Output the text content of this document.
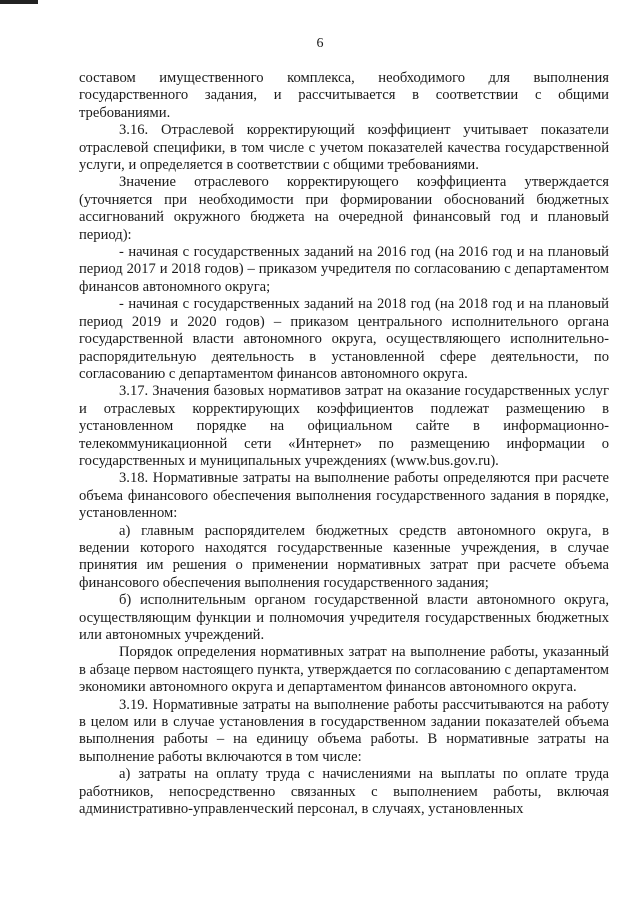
6

составом имущественного комплекса, необходимого для выполнения государственного задания, и рассчитывается в соответствии с общими требованиями.

3.16. Отраслевой корректирующий коэффициент учитывает показатели отраслевой специфики, в том числе с учетом показателей качества государственной услуги, и определяется в соответствии с общими требованиями.

Значение отраслевого корректирующего коэффициента утверждается (уточняется при необходимости при формировании обоснований бюджетных ассигнований окружного бюджета на очередной финансовый год и плановый период):

- начиная с государственных заданий на 2016 год (на 2016 год и на плановый период 2017 и 2018 годов) – приказом учредителя по согласованию с департаментом финансов автономного округа;

- начиная с государственных заданий на 2018 год (на 2018 год и на плановый период 2019 и 2020 годов) – приказом центрального исполнительного органа государственной власти автономного округа, осуществляющего исполнительно-распорядительную деятельность в установленной сфере деятельности, по согласованию с департаментом финансов автономного округа.

3.17. Значения базовых нормативов затрат на оказание государственных услуг и отраслевых корректирующих коэффициентов подлежат размещению в установленном порядке на официальном сайте в информационно-телекоммуникационной сети «Интернет» по размещению информации о государственных и муниципальных учреждениях (www.bus.gov.ru).

3.18. Нормативные затраты на выполнение работы определяются при расчете объема финансового обеспечения выполнения государственного задания в порядке, установленном:

а) главным распорядителем бюджетных средств автономного округа, в ведении которого находятся государственные казенные учреждения, в случае принятия им решения о применении нормативных затрат при расчете объема финансового обеспечения выполнения государственного задания;

б) исполнительным органом государственной власти автономного округа, осуществляющим функции и полномочия учредителя государственных бюджетных или автономных учреждений.

Порядок определения нормативных затрат на выполнение работы, указанный в абзаце первом настоящего пункта, утверждается по согласованию с департаментом экономики автономного округа и департаментом финансов автономного округа.

3.19. Нормативные затраты на выполнение работы рассчитываются на работу в целом или в случае установления в государственном задании показателей объема выполнения работы – на единицу объема работы. В нормативные затраты на выполнение работы включаются в том числе:

а) затраты на оплату труда с начислениями на выплаты по оплате труда работников, непосредственно связанных с выполнением работы, включая административно-управленческий персонал, в случаях, установленных
